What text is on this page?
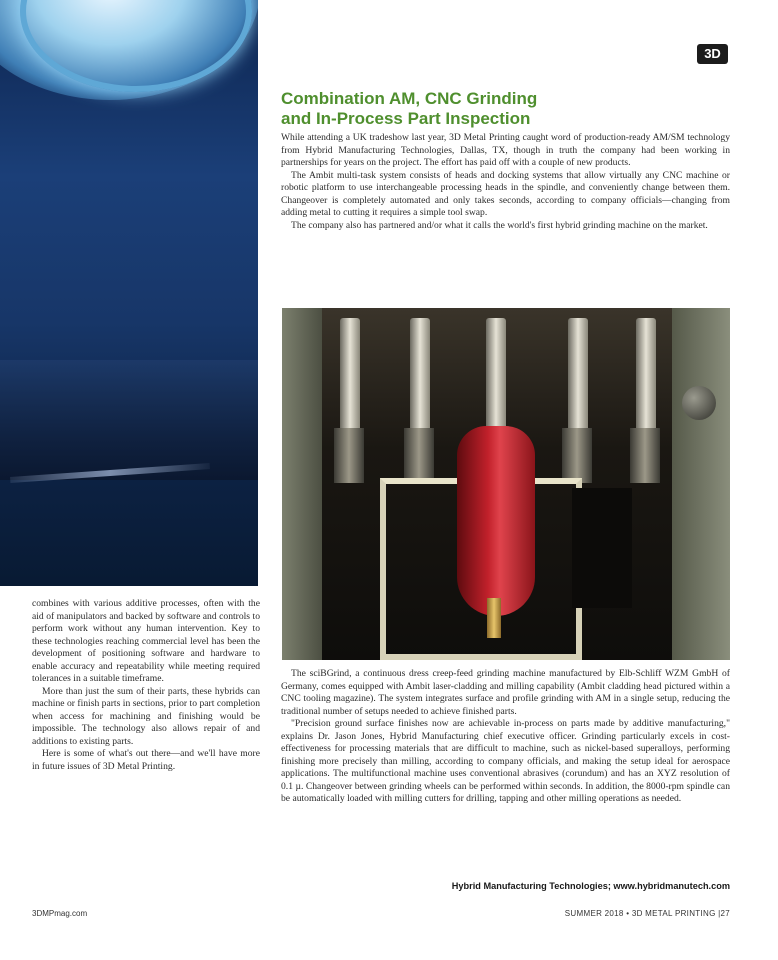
3D
Combination AM, CNC Grinding
and In-Process Part Inspection

While attending a UK tradeshow last year, 3D Metal Printing caught word of production-ready AM/SM technology from Hybrid Manufacturing Technologies, Dallas, TX, though in truth the company had been working in partnerships for years on the project. The effort has paid off with a couple of new products.

The Ambit multi-task system consists of heads and docking systems that allow virtually any CNC machine or robotic platform to use interchangeable processing heads in the spindle, and conveniently change between them. Changeover is completely automated and only takes seconds, according to company officials—changing from adding metal to cutting it requires a simple tool swap.

The company also has partnered and/or what it calls the world's first hybrid grinding machine on the market.

combines with various additive processes, often with the aid of manipulators and backed by software and controls to perform work without any human intervention. Key to these technologies reaching commercial level has been the development of positioning software and hardware to enable accuracy and repeatability while meeting required tolerances in a suitable timeframe.

More than just the sum of their parts, these hybrids can machine or finish parts in sections, prior to part completion when access for machining and finishing would be impossible. The technology also allows repair of and additions to existing parts.

Here is some of what's out there—and we'll have more in future issues of 3D Metal Printing.

The sciBGrind, a continuous dress creep-feed grinding machine manufactured by Elb-Schliff WZM GmbH of Germany, comes equipped with Ambit laser-cladding and milling capability (Ambit cladding head pictured within a CNC tooling magazine). The system integrates surface and profile grinding with AM in a single setup, reducing the traditional number of setups needed to achieve finished parts.

"Precision ground surface finishes now are achievable in-process on parts made by additive manufacturing," explains Dr. Jason Jones, Hybrid Manufacturing chief executive officer. Grinding particularly excels in cost-effectiveness for processing materials that are difficult to machine, such as nickel-based superalloys, performing finishing more precisely than milling, according to company officials, and making the setup ideal for aerospace applications. The multifunctional machine uses conventional abrasives (corundum) and has an XYZ resolution of 0.1 µ. Changeover between grinding wheels can be performed within seconds. In addition, the 8000-rpm spindle can be automatically loaded with milling cutters for drilling, tapping and other milling operations as needed.

Hybrid Manufacturing Technologies; www.hybridmanutech.com

3DMPmag.com	SUMMER 2018 • 3D METAL PRINTING |27
